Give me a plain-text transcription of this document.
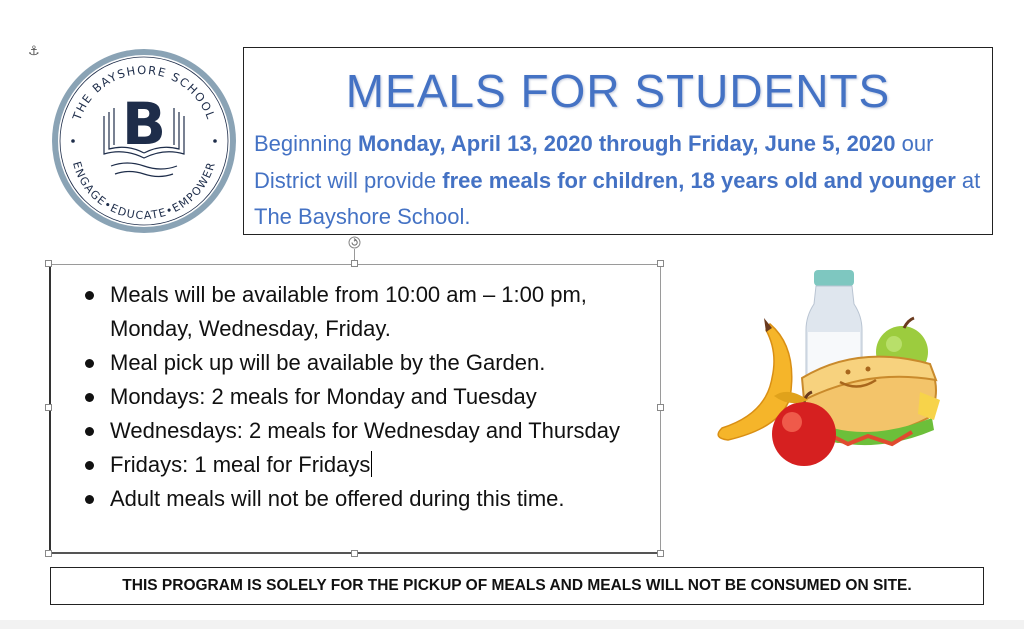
⚓
THE BAYSHORE SCHOOL
ENGAGE•EDUCATE•EMPOWER
B	MEALS FOR STUDENTS
Beginning Monday, April 13, 2020 through Friday, June 5, 2020 our District will provide free meals for children, 18 years old and younger at The Bayshore School.
Meals will be available from 10:00 am – 1:00 pm, Monday, Wednesday, Friday.
Meal pick up will be available by the Garden.
Mondays: 2 meals for Monday and Tuesday
Wednesdays: 2 meals for Wednesday and Thursday
Fridays: 1 meal for Fridays
Adult meals will not be offered during this time.
THIS PROGRAM IS SOLELY FOR THE PICKUP OF MEALS AND MEALS WILL NOT BE CONSUMED ON SITE.
